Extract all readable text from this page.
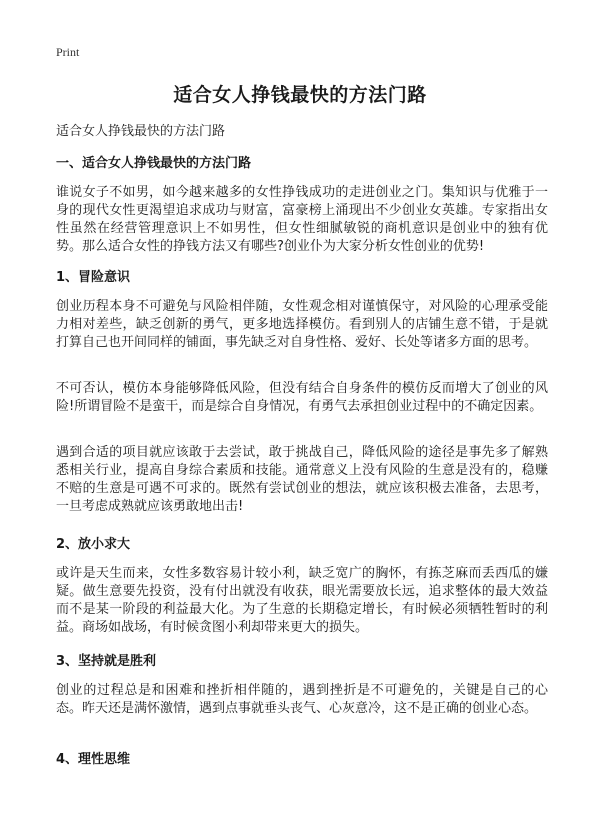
Print
适合女人挣钱最快的方法门路
适合女人挣钱最快的方法门路
一、适合女人挣钱最快的方法门路
谁说女子不如男，如今越来越多的女性挣钱成功的走进创业之门。集知识与优雅于一身的现代女性更渴望追求成功与财富，富豪榜上涌现出不少创业女英雄。专家指出女性虽然在经营管理意识上不如男性，但女性细腻敏锐的商机意识是创业中的独有优势。那么适合女性的挣钱方法又有哪些?创业仆为大家分析女性创业的优势!
1、冒险意识
创业历程本身不可避免与风险相伴随，女性观念相对谨慎保守，对风险的心理承受能力相对差些，缺乏创新的勇气，更多地选择模仿。看到别人的店铺生意不错，于是就打算自己也开间同样的铺面，事先缺乏对自身性格、爱好、长处等诸多方面的思考。
不可否认，模仿本身能够降低风险，但没有结合自身条件的模仿反而增大了创业的风险!所谓冒险不是蛮干，而是综合自身情况，有勇气去承担创业过程中的不确定因素。
遇到合适的项目就应该敢于去尝试，敢于挑战自己，降低风险的途径是事先多了解熟悉相关行业，提高自身综合素质和技能。通常意义上没有风险的生意是没有的，稳赚不赔的生意是可遇不可求的。既然有尝试创业的想法，就应该积极去准备，去思考，一旦考虑成熟就应该勇敢地出击!
2、放小求大
或许是天生而来，女性多数容易计较小利，缺乏宽广的胸怀，有拣芝麻而丢西瓜的嫌疑。做生意要先投资，没有付出就没有收获，眼光需要放长远，追求整体的最大效益而不是某一阶段的利益最大化。为了生意的长期稳定增长，有时候必须牺牲暂时的利益。商场如战场，有时候贪图小利却带来更大的损失。
3、坚持就是胜利
创业的过程总是和困难和挫折相伴随的，遇到挫折是不可避免的，关键是自己的心态。昨天还是满怀激情，遇到点事就垂头丧气、心灰意冷，这不是正确的创业心态。
4、理性思维
